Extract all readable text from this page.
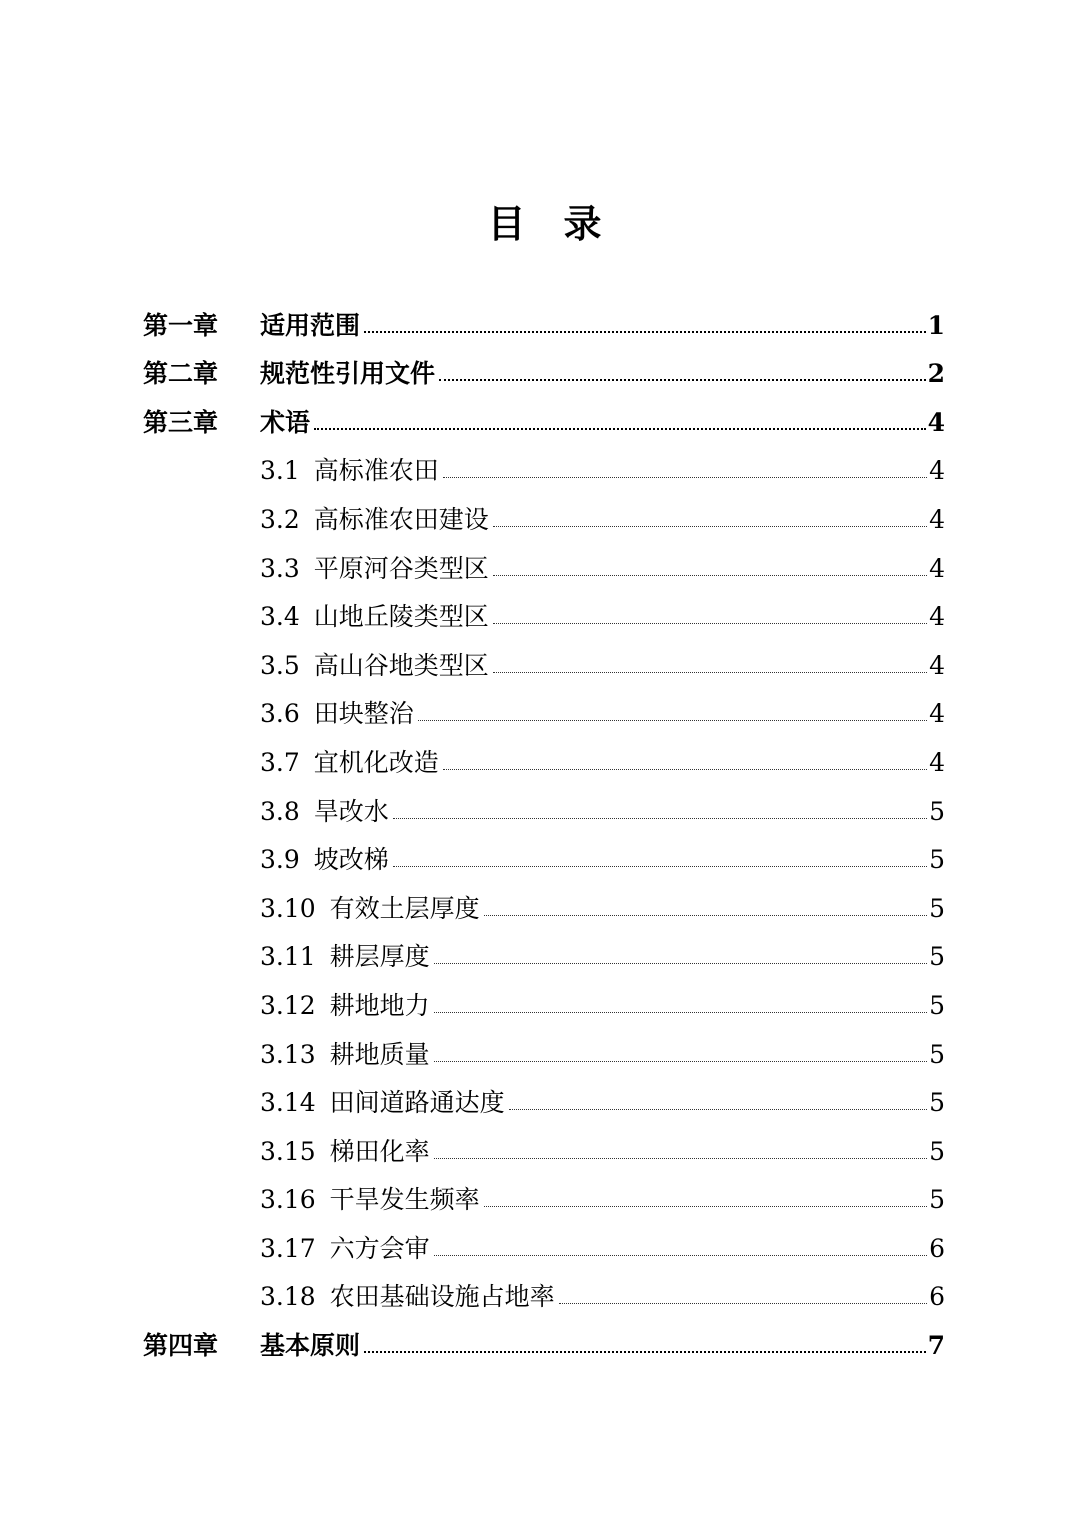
目 录
第一章	适用范围	1
第二章	规范性引用文件	2
第三章	术语	4
3.1 高标准农田	4
3.2 高标准农田建设	4
3.3 平原河谷类型区	4
3.4 山地丘陵类型区	4
3.5 高山谷地类型区	4
3.6 田块整治	4
3.7 宜机化改造	4
3.8 旱改水	5
3.9 坡改梯	5
3.10 有效土层厚度	5
3.11 耕层厚度	5
3.12 耕地地力	5
3.13 耕地质量	5
3.14 田间道路通达度	5
3.15 梯田化率	5
3.16 干旱发生频率	5
3.17 六方会审	6
3.18 农田基础设施占地率	6
第四章	基本原则	7
